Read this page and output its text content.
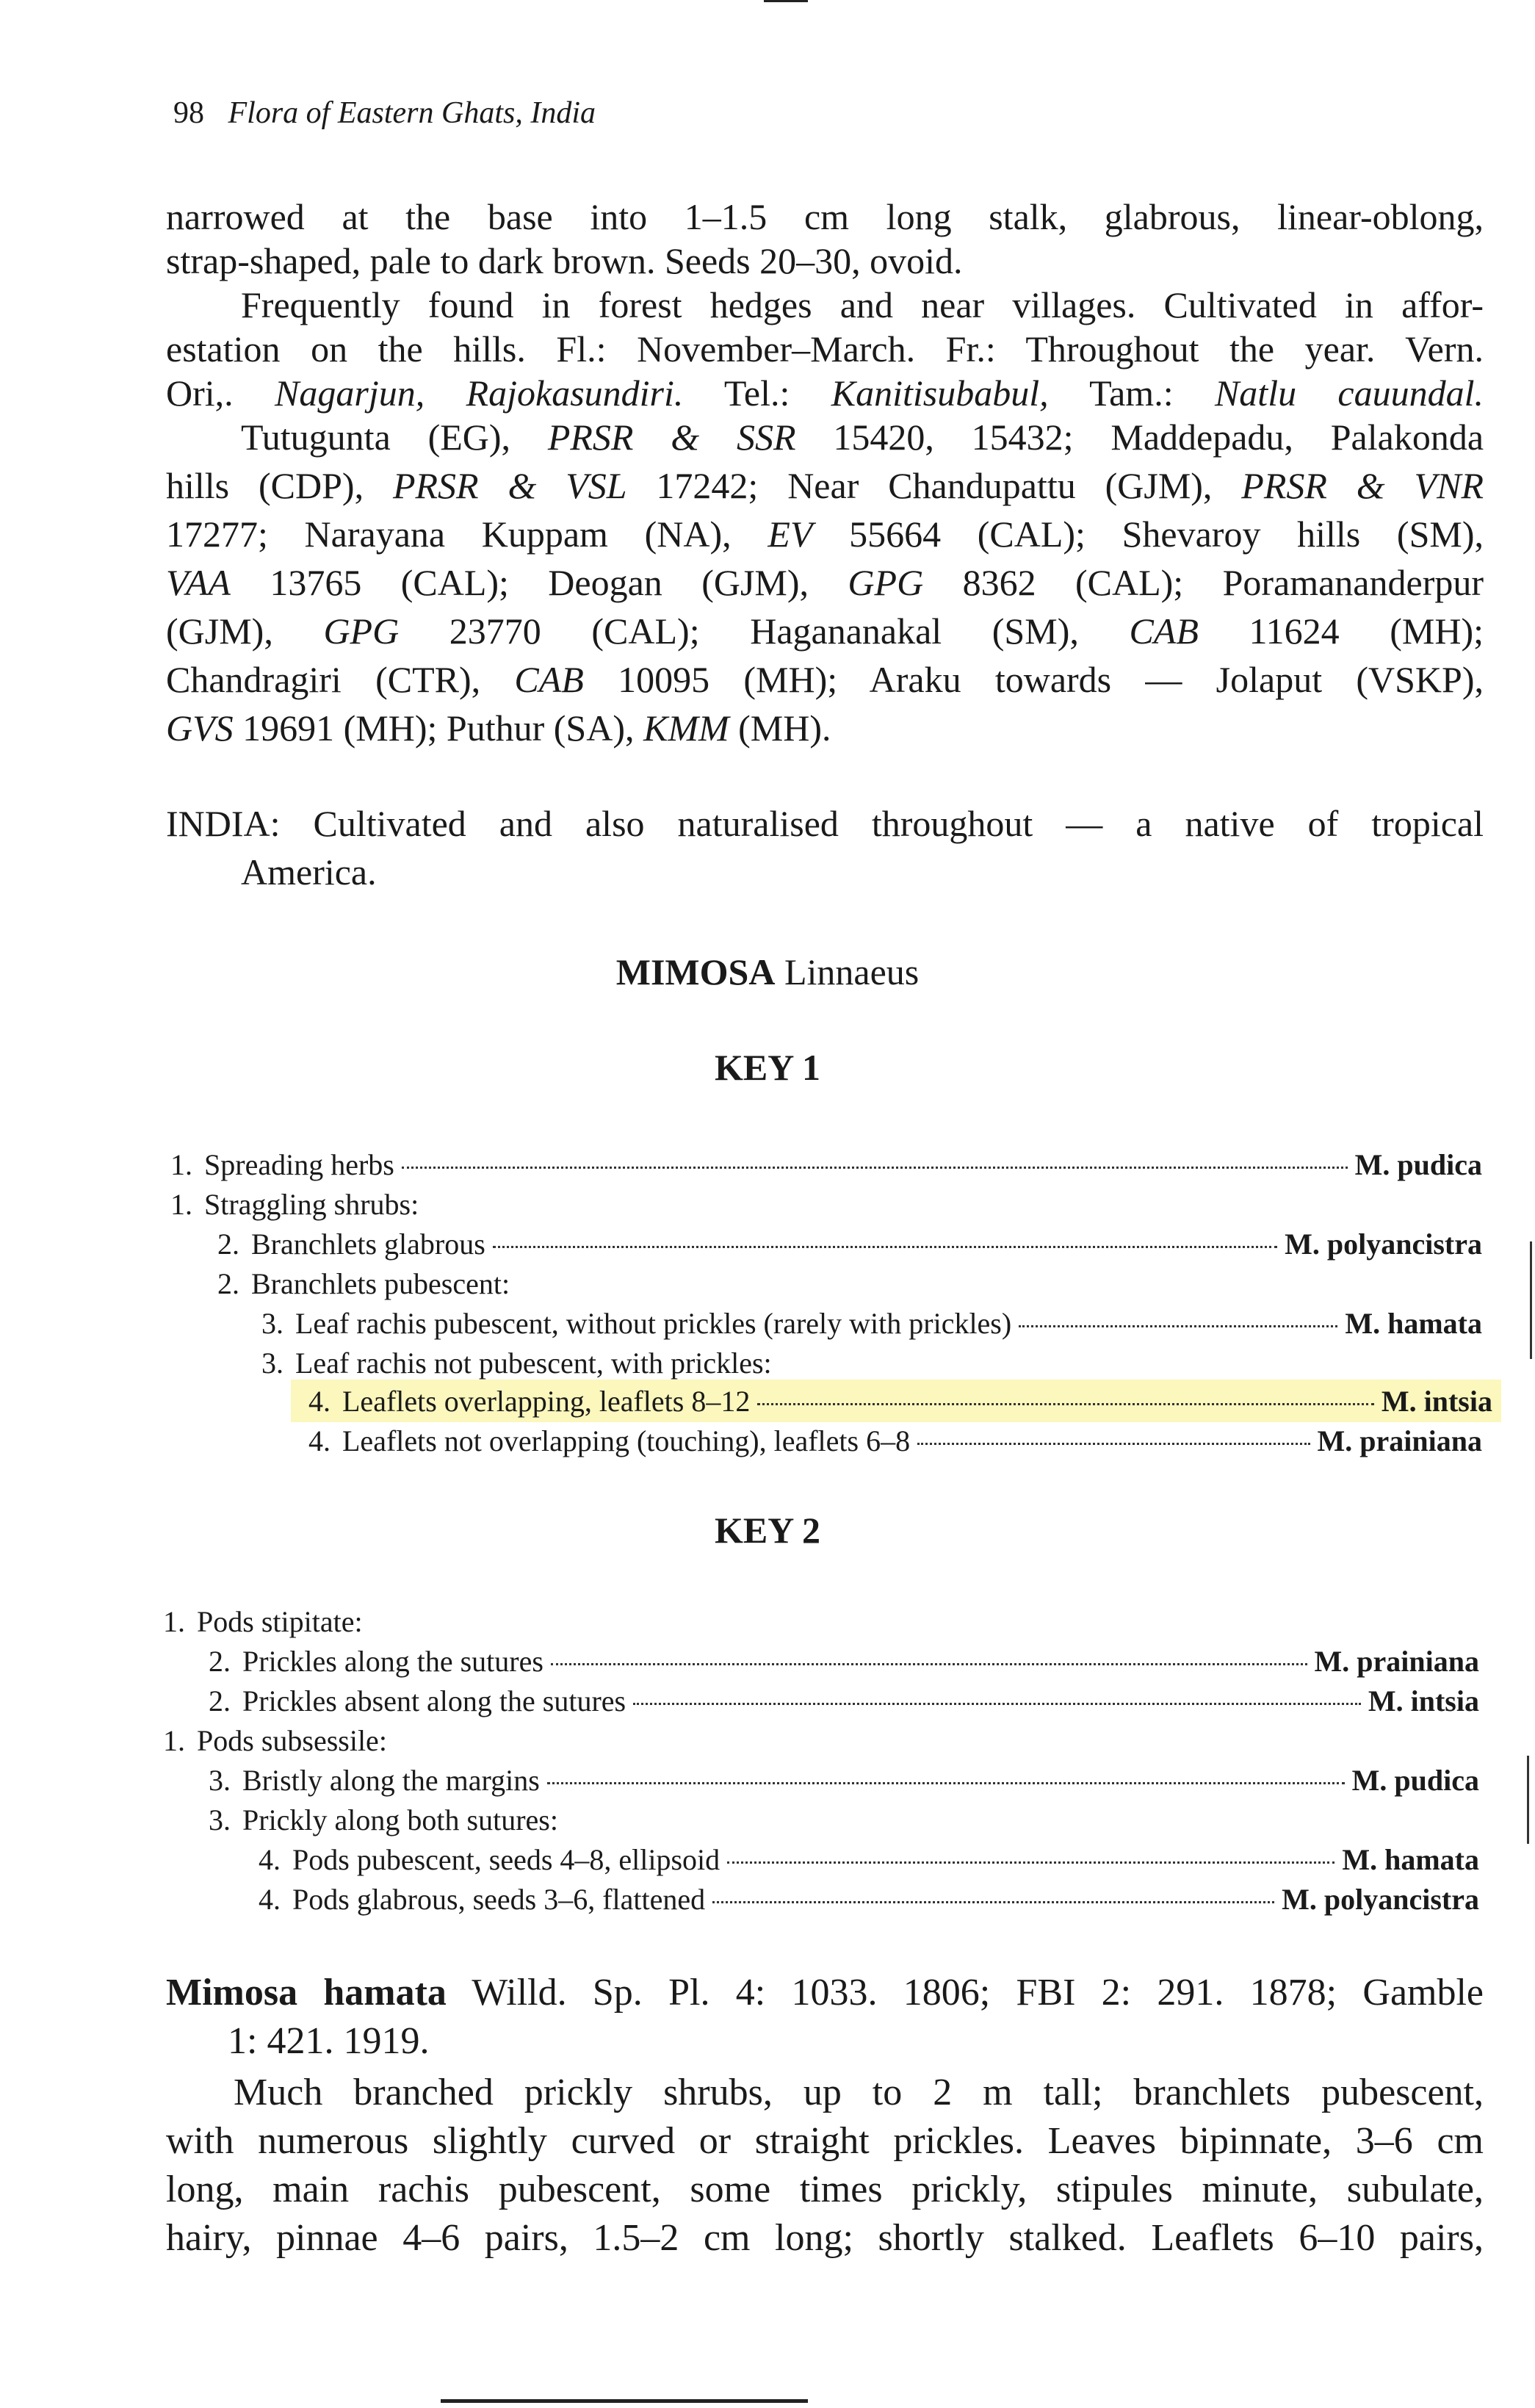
98 Flora of Eastern Ghats, India
narrowed at the base into 1–1.5 cm long stalk, glabrous, linear-oblong,
strap-shaped, pale to dark brown. Seeds 20–30, ovoid.
Frequently found in forest hedges and near villages. Cultivated in affor-
estation on the hills. Fl.: November–March. Fr.: Throughout the year. Vern.
Ori,. Nagarjun, Rajokasundiri. Tel.: Kanitisubabul, Tam.: Natlu cauundal.
Tutugunta (EG), PRSR & SSR 15420, 15432; Maddepadu, Palakonda
hills (CDP), PRSR & VSL 17242; Near Chandupattu (GJM), PRSR & VNR
17277; Narayana Kuppam (NA), EV 55664 (CAL); Shevaroy hills (SM),
VAA 13765 (CAL); Deogan (GJM), GPG 8362 (CAL); Poramananderpur
(GJM), GPG 23770 (CAL); Hagananakal (SM), CAB 11624 (MH);
Chandragiri (CTR), CAB 10095 (MH); Araku towards — Jolaput (VSKP),
GVS 19691 (MH); Puthur (SA), KMM (MH).
INDIA: Cultivated and also naturalised throughout — a native of tropical
America.
MIMOSA Linnaeus
KEY 1
1. Spreading herbs	M. pudica
1. Straggling shrubs:
2. Branchlets glabrous	M. polyancistra
2. Branchlets pubescent:
3. Leaf rachis pubescent, without prickles (rarely with prickles)	M. hamata
3. Leaf rachis not pubescent, with prickles:
4. Leaflets overlapping, leaflets 8–12	M. intsia
4. Leaflets not overlapping (touching), leaflets 6–8	M. prainiana
KEY 2
1. Pods stipitate:
2. Prickles along the sutures	M. prainiana
2. Prickles absent along the sutures	M. intsia
1. Pods subsessile:
3. Bristly along the margins	M. pudica
3. Prickly along both sutures:
4. Pods pubescent, seeds 4–8, ellipsoid	M. hamata
4. Pods glabrous, seeds 3–6, flattened	M. polyancistra
Mimosa hamata Willd. Sp. Pl. 4: 1033. 1806; FBI 2: 291. 1878; Gamble
1: 421. 1919.
Much branched prickly shrubs, up to 2 m tall; branchlets pubescent,
with numerous slightly curved or straight prickles. Leaves bipinnate, 3–6 cm
long, main rachis pubescent, some times prickly, stipules minute, subulate,
hairy, pinnae 4–6 pairs, 1.5–2 cm long; shortly stalked. Leaflets 6–10 pairs,
